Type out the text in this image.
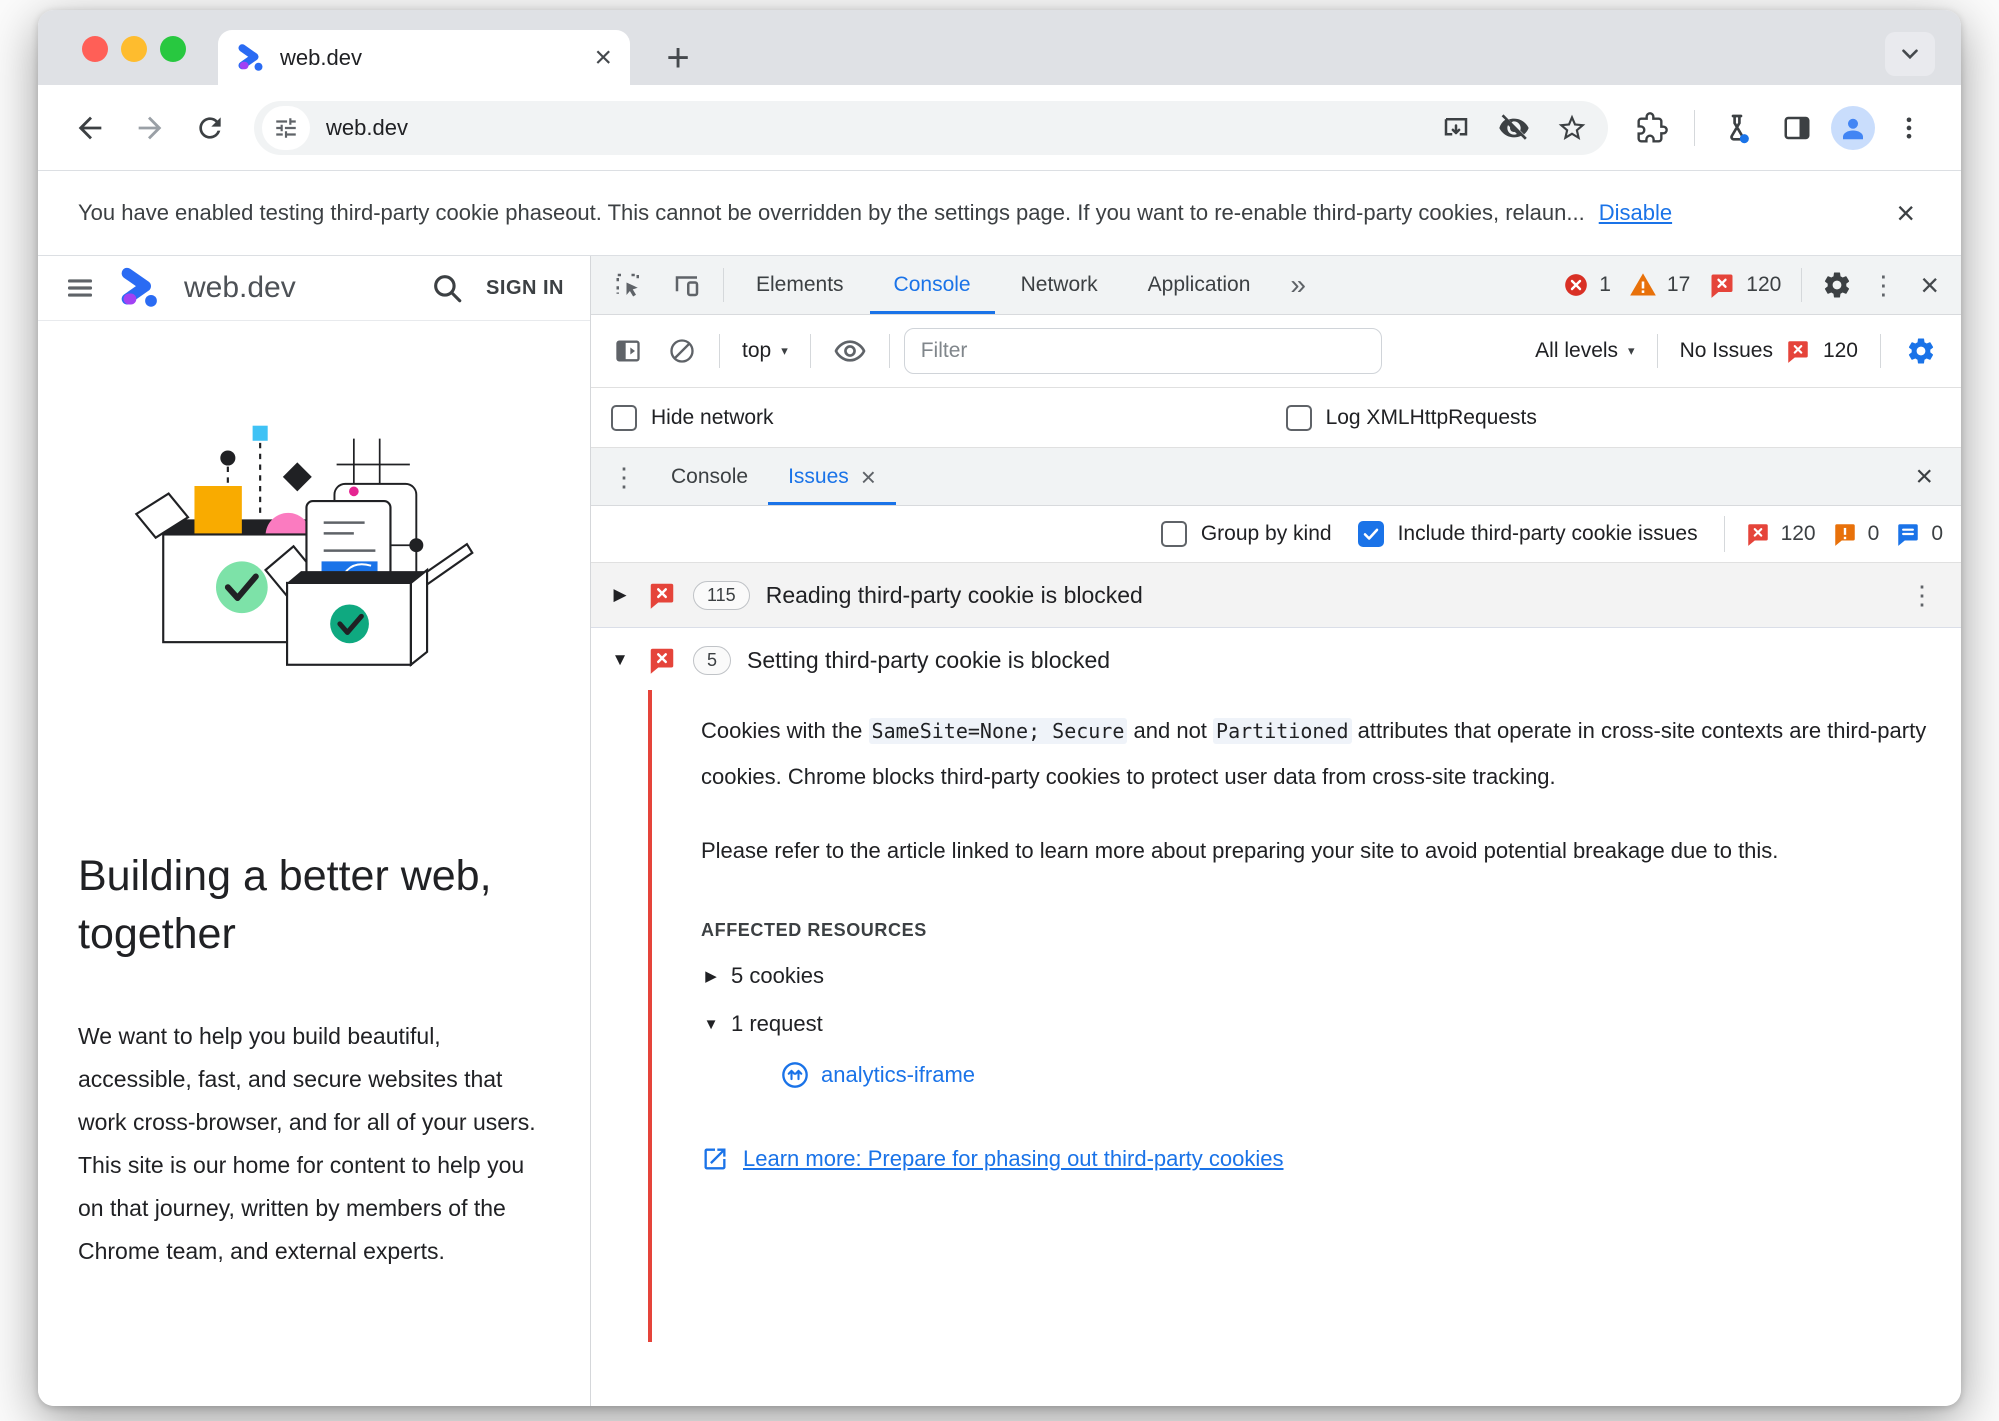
web.dev	× +
web.dev
You have enabled testing third-party cookie phaseout. This cannot be overridden by the settings page. If you want to re-enable third-party cookies, relaun... Disable	×
web.dev	SIGN IN
Building a better web, together
We want to help you build beautiful, accessible, fast, and secure websites that work cross-browser, and for all of your users. This site is our home for content to help you on that journey, written by members of the Chrome team, and external experts.
Elements	Console	Network	Application	»	1	17	120	⋮ ×
top ▾
Filter	All levels ▾ No Issues 120
Hide network	Log XMLHttpRequests
⋮	Console	Issues ×	×
Group by kind	Include third-party cookie issues	120 0 0
▶	115	Reading third-party cookie is blocked	⋮
▼	5	Setting third-party cookie is blocked

Cookies with the SameSite=None; Secure and not Partitioned attributes that operate in cross-site contexts are third-party cookies. Chrome blocks third-party cookies to protect user data from cross-site tracking.

Please refer to the article linked to learn more about preparing your site to avoid potential breakage due to this.

AFFECTED RESOURCES
▶ 5 cookies
▼ 1 request
analytics-iframe
Learn more: Prepare for phasing out third-party cookies
